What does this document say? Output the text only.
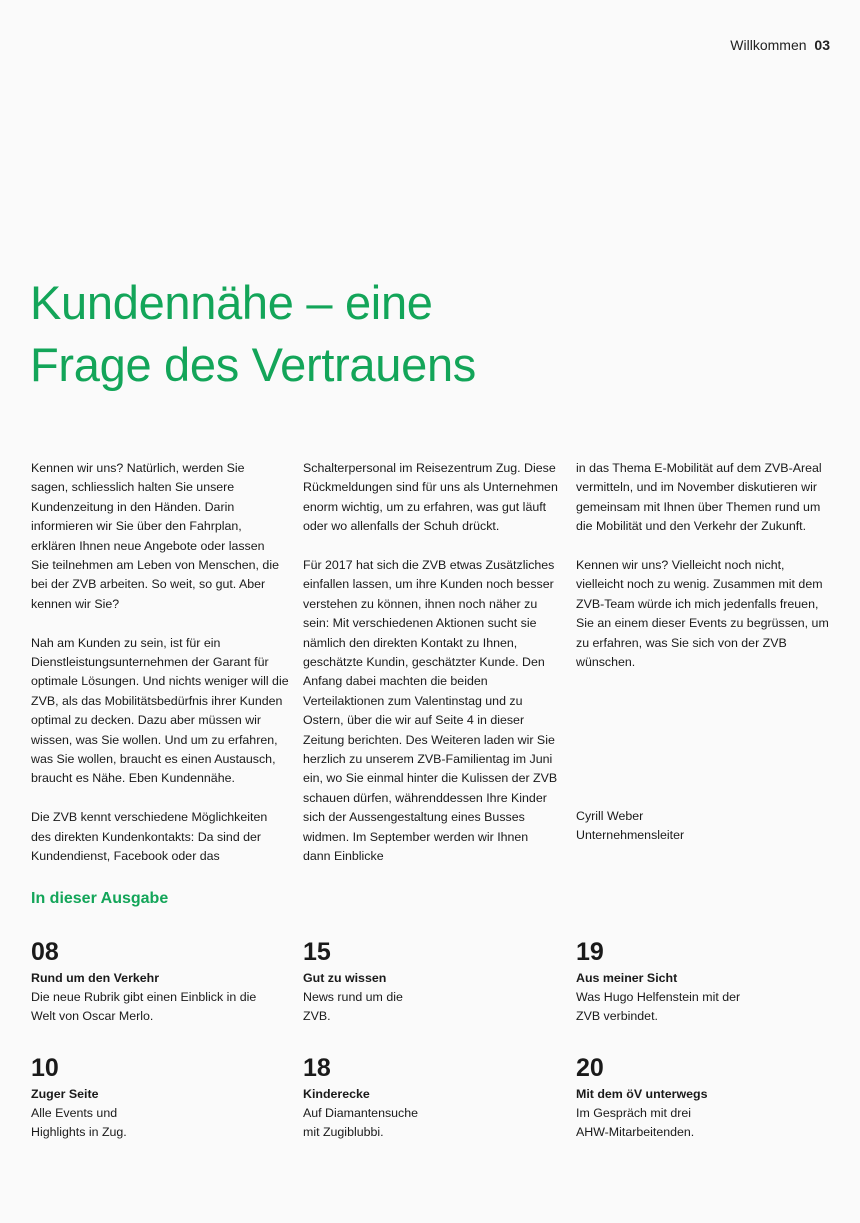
Willkommen 03
Kundennähe – eine
Frage des Vertrauens

Kennen wir uns? Natürlich, werden Sie sagen, schliesslich halten Sie unsere Kundenzeitung in den Händen. Darin informieren wir Sie über den Fahrplan, erklären Ihnen neue Angebote oder lassen Sie teilnehmen am Leben von Menschen, die bei der ZVB arbeiten. So weit, so gut. Aber kennen wir Sie?

Nah am Kunden zu sein, ist für ein Dienstleistungsunternehmen der Garant für optimale Lösungen. Und nichts weniger will die ZVB, als das Mobilitätsbedürfnis ihrer Kunden optimal zu decken. Dazu aber müssen wir wissen, was Sie wollen. Und um zu erfahren, was Sie wollen, braucht es einen Austausch, braucht es Nähe. Eben Kundennähe.

Die ZVB kennt verschiedene Möglichkeiten des direkten Kundenkontakts: Da sind der Kundendienst, Facebook oder das

Schalterpersonal im Reisezentrum Zug. Diese Rückmeldungen sind für uns als Unternehmen enorm wichtig, um zu erfahren, was gut läuft oder wo allenfalls der Schuh drückt.

Für 2017 hat sich die ZVB etwas Zusätzliches einfallen lassen, um ihre Kunden noch besser verstehen zu können, ihnen noch näher zu sein: Mit verschiedenen Aktionen sucht sie nämlich den direkten Kontakt zu Ihnen, geschätzte Kundin, geschätzter Kunde. Den Anfang dabei machten die beiden Verteilaktionen zum Valentinstag und zu Ostern, über die wir auf Seite 4 in dieser Zeitung berichten. Des Weiteren laden wir Sie herzlich zu unserem ZVB-Familientag im Juni ein, wo Sie einmal hinter die Kulissen der ZVB schauen dürfen, währenddessen Ihre Kinder sich der Aussengestaltung eines Busses widmen. Im September werden wir Ihnen dann Einblicke

in das Thema E-Mobilität auf dem ZVB-Areal vermitteln, und im November diskutieren wir gemeinsam mit Ihnen über Themen rund um die Mobilität und den Verkehr der Zukunft.

Kennen wir uns? Vielleicht noch nicht, vielleicht noch zu wenig. Zusammen mit dem ZVB-Team würde ich mich jedenfalls freuen, Sie an einem dieser Events zu begrüssen, um zu erfahren, was Sie sich von der ZVB wünschen.

Cyrill Weber
Unternehmensleiter
In dieser Ausgabe
08
Rund um den Verkehr
Die neue Rubrik gibt einen Einblick in die Welt von Oscar Merlo.
15
Gut zu wissen
News rund um die ZVB.
19
Aus meiner Sicht
Was Hugo Helfenstein mit der ZVB verbindet.
10
Zuger Seite
Alle Events und Highlights in Zug.
18
Kinderecke
Auf Diamantensuche mit Zugiblubbi.
20
Mit dem öV unterwegs
Im Gespräch mit drei AHW-Mitarbeitenden.
